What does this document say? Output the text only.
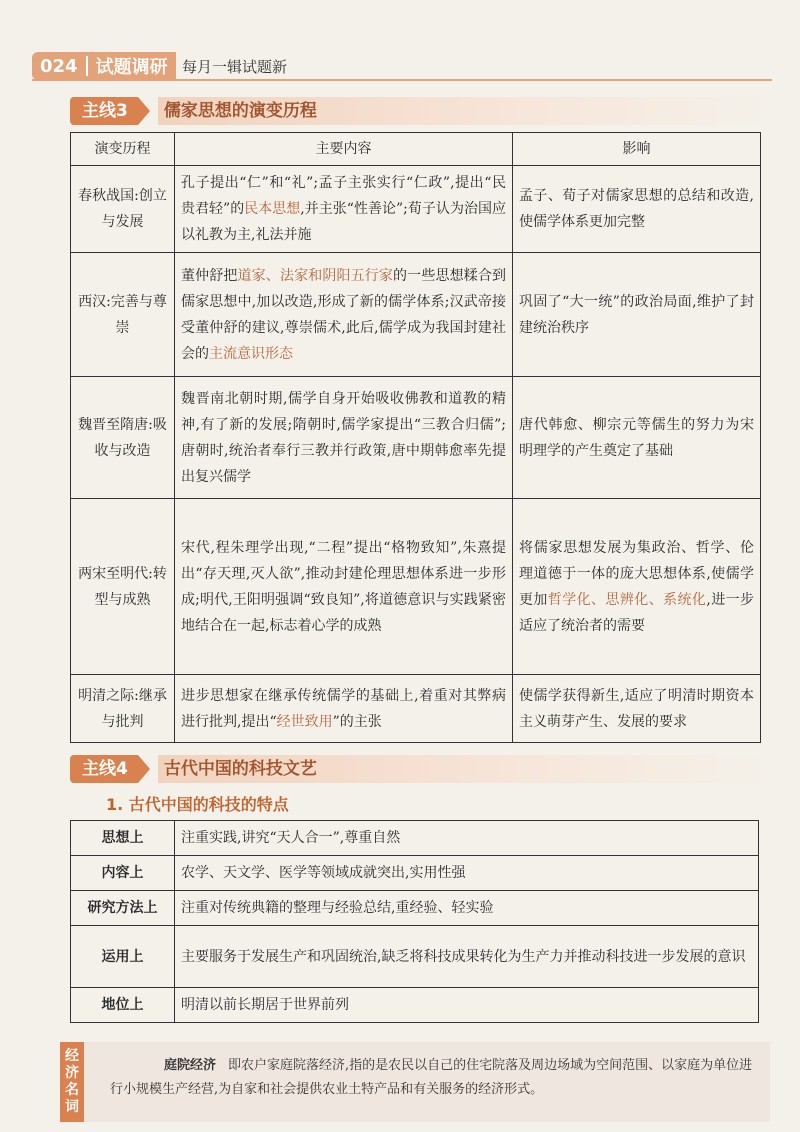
024 试题调研 每月一辑试题新
主线3	儒家思想的演变历程
演变历程	主要内容	影响
春秋战国:创立与发展	孔子提出“仁”和“礼”;孟子主张实行“仁政”,提出“民贵君轻”的民本思想,并主张“性善论”;荀子认为治国应以礼教为主,礼法并施	孟子、荀子对儒家思想的总结和改造,使儒学体系更加完整
西汉:完善与尊崇	董仲舒把道家、法家和阴阳五行家的一些思想糅合到儒家思想中,加以改造,形成了新的儒学体系;汉武帝接受董仲舒的建议,尊崇儒术,此后,儒学成为我国封建社会的主流意识形态	巩固了“大一统”的政治局面,维护了封建统治秩序
魏晋至隋唐:吸收与改造	魏晋南北朝时期,儒学自身开始吸收佛教和道教的精神,有了新的发展;隋朝时,儒学家提出“三教合归儒”;唐朝时,统治者奉行三教并行政策,唐中期韩愈率先提出复兴儒学	唐代韩愈、柳宗元等儒生的努力为宋明理学的产生奠定了基础
两宋至明代:转型与成熟	宋代,程朱理学出现,“二程”提出“格物致知”,朱熹提出“存天理,灭人欲”,推动封建伦理思想体系进一步形成;明代,王阳明强调“致良知”,将道德意识与实践紧密地结合在一起,标志着心学的成熟	将儒家思想发展为集政治、哲学、伦理道德于一体的庞大思想体系,使儒学更加哲学化、思辨化、系统化,进一步适应了统治者的需要
明清之际:继承与批判	进步思想家在继承传统儒学的基础上,着重对其弊病进行批判,提出“经世致用”的主张	使儒学获得新生,适应了明清时期资本主义萌芽产生、发展的要求
主线4	古代中国的科技文艺
1. 古代中国的科技的特点
思想上	注重实践,讲究“天人合一”,尊重自然
内容上	农学、天文学、医学等领域成就突出,实用性强
研究方法上	注重对传统典籍的整理与经验总结,重经验、轻实验
运用上	主要服务于发展生产和巩固统治,缺乏将科技成果转化为生产力并推动科技进一步发展的意识
地位上	明清以前长期居于世界前列
经
济
名
词
庭院经济 即农户家庭院落经济,指的是农民以自己的住宅院落及周边场域为空间范围、以家庭为单位进行小规模生产经营,为自家和社会提供农业土特产品和有关服务的经济形式。
